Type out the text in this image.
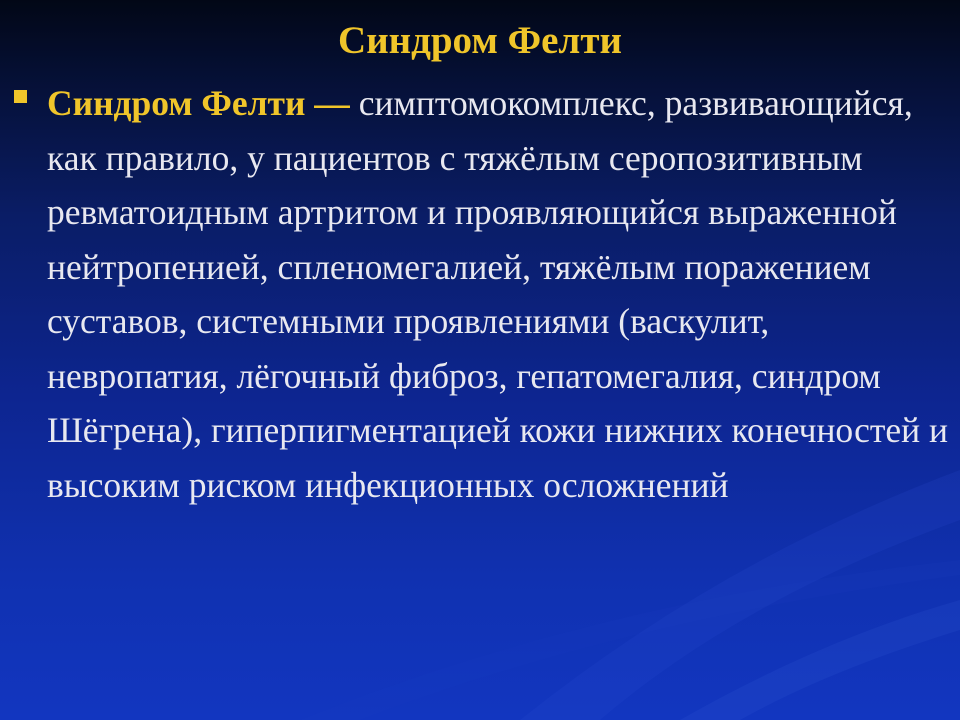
Синдром Фелти

Синдром Фелти — симптомокомплекс, развивающийся, как правило, у пациентов с тяжёлым серопозитивным ревматоидным артритом и проявляющийся выраженной нейтропенией, спленомегалией, тяжёлым поражением суставов, системными проявлениями (васкулит, невропатия, лёгочный фиброз, гепатомегалия, синдром Шёгрена), гиперпигментацией кожи нижних конечностей и высоким риском инфекционных осложнений
